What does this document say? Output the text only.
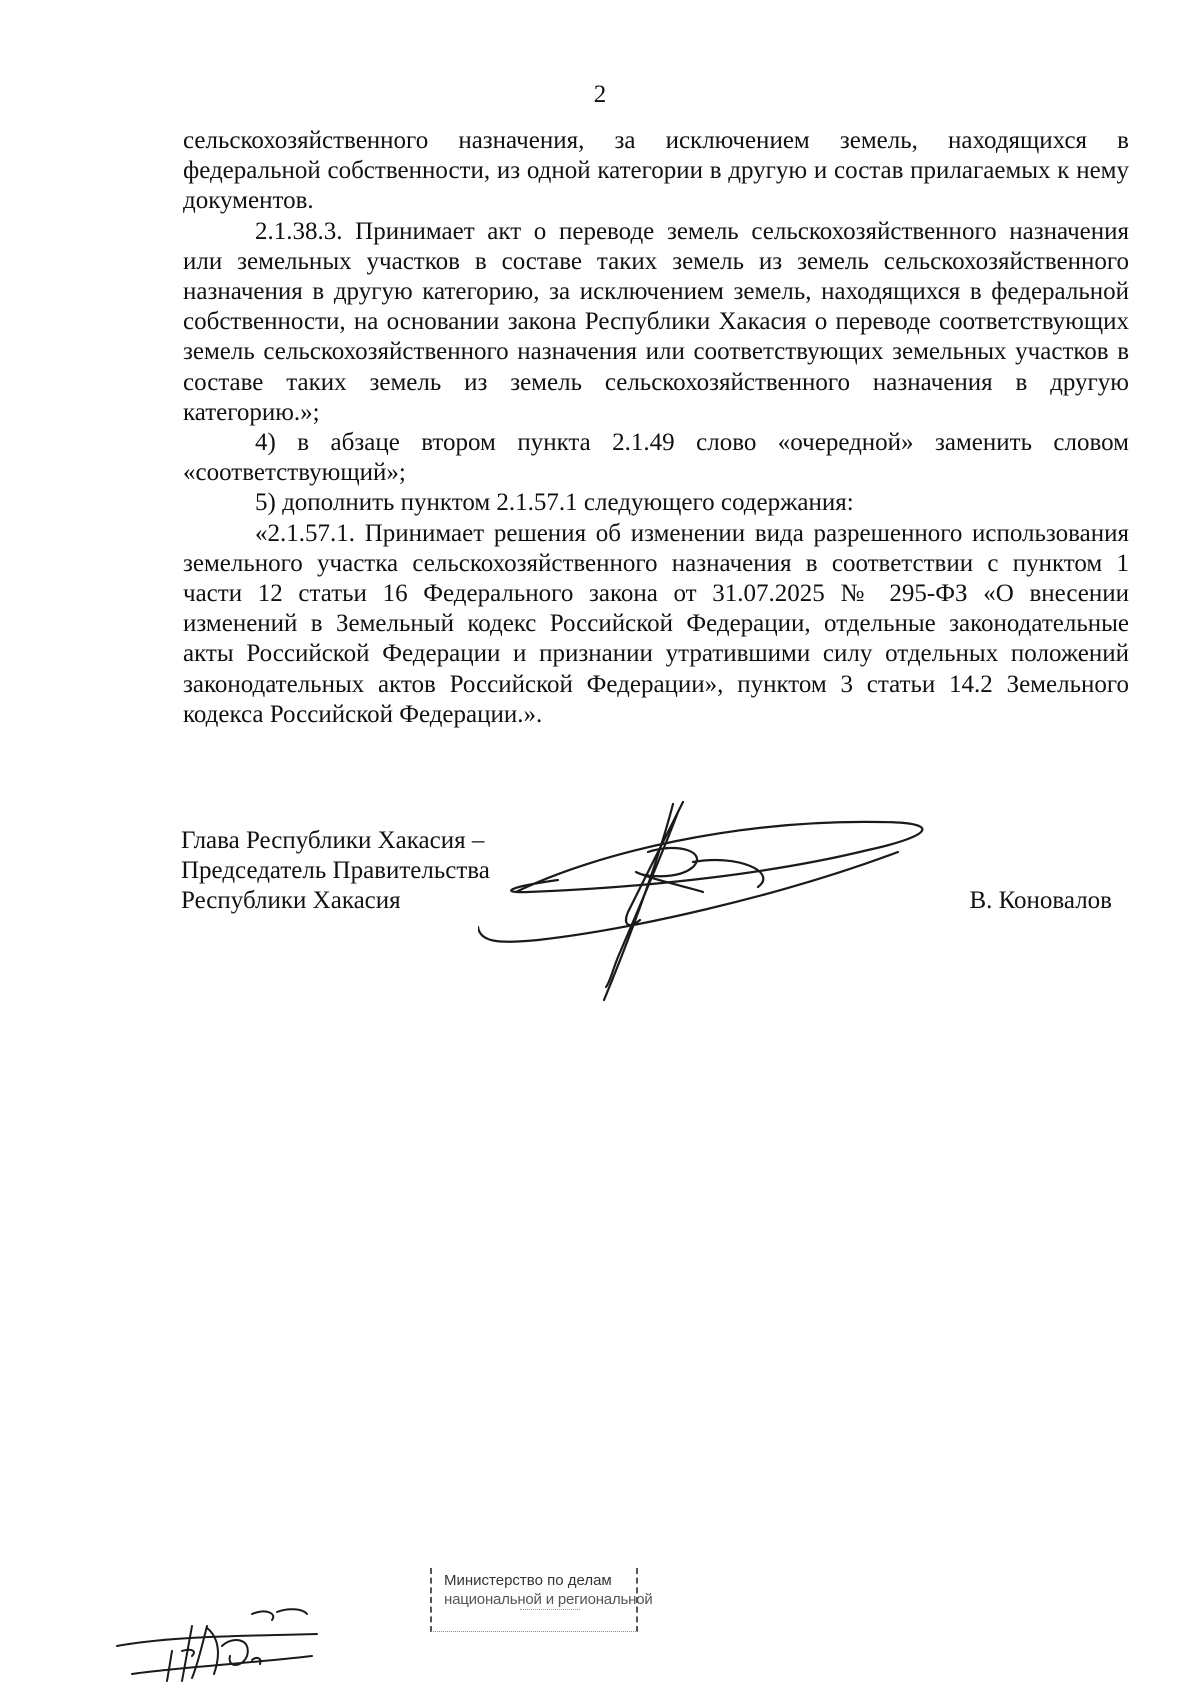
2

сельскохозяйственного назначения, за исключением земель, находящихся в федеральной собственности, из одной категории в другую и состав прилагаемых к нему документов.

2.1.38.3. Принимает акт о переводе земель сельскохозяйственного назначения или земельных участков в составе таких земель из земель сельскохозяйственного назначения в другую категорию, за исключением земель, находящихся в федеральной собственности, на основании закона Республики Хакасия о переводе соответствующих земель сельскохозяйственного назначения или соответствующих земельных участков в составе таких земель из земель сельскохозяйственного назначения в другую категорию.»;

4) в абзаце втором пункта 2.1.49 слово «очередной» заменить словом «соответствующий»;

5) дополнить пунктом 2.1.57.1 следующего содержания:

«2.1.57.1. Принимает решения об изменении вида разрешенного использования земельного участка сельскохозяйственного назначения в соответствии с пунктом 1 части 12 статьи 16 Федерального закона от 31.07.2025 № 295-ФЗ «О внесении изменений в Земельный кодекс Российской Федерации, отдельные законодательные акты Российской Федерации и признании утратившими силу отдельных положений законодательных актов Российской Федерации», пунктом 3 статьи 14.2 Земельного кодекса Российской Федерации.».

Глава Республики Хакасия –
Председатель Правительства
Республики Хакасия	В. Коновалов
Министерство по делам
национальной и региональной
